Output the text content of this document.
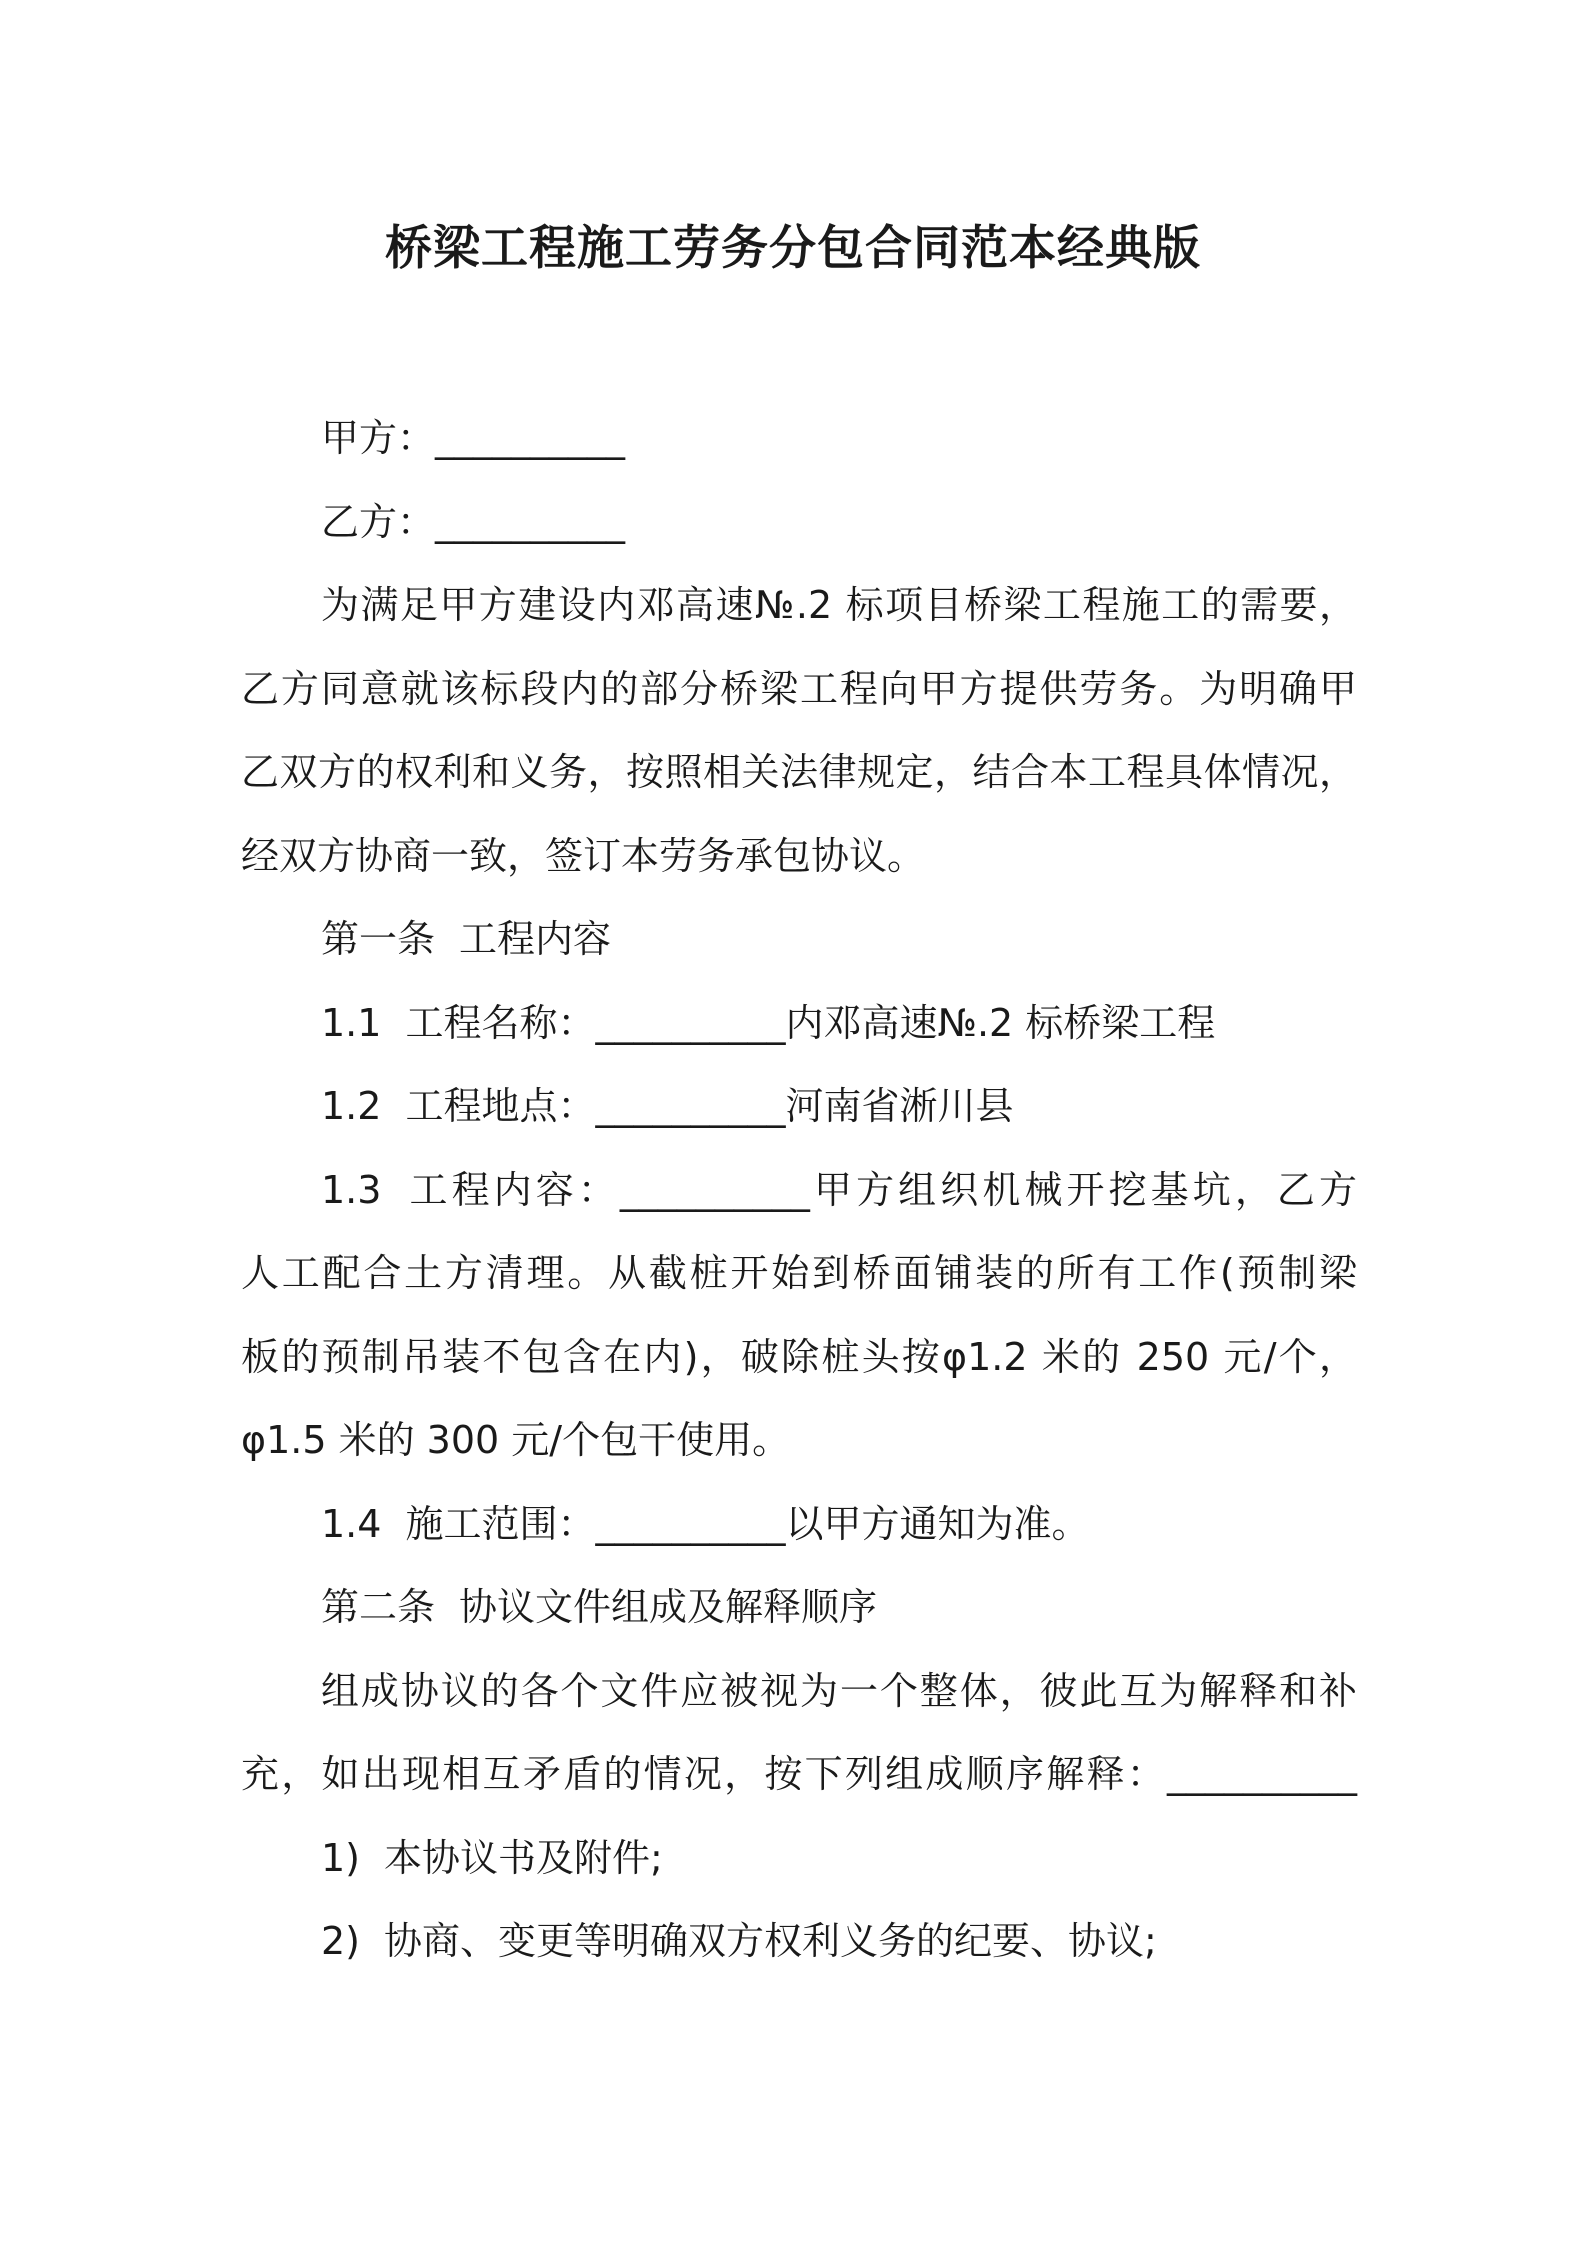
桥梁工程施工劳务分包合同范本经典版

甲方：__________

乙方：__________

为满足甲方建设内邓高速№.2 标项目桥梁工程施工的需要，

乙方同意就该标段内的部分桥梁工程向甲方提供劳务。为明确甲

乙双方的权利和义务，按照相关法律规定，结合本工程具体情况，

经双方协商一致，签订本劳务承包协议。

第一条 工程内容

1.1 工程名称：__________内邓高速№.2 标桥梁工程

1.2 工程地点：__________河南省淅川县

1.3 工程内容：__________甲方组织机械开挖基坑，乙方

人工配合土方清理。从截桩开始到桥面铺装的所有工作(预制梁

板的预制吊装不包含在内)，破除桩头按φ1.2 米的 250 元/个，

φ1.5 米的 300 元/个包干使用。

1.4 施工范围：__________以甲方通知为准。

第二条 协议文件组成及解释顺序

组成协议的各个文件应被视为一个整体，彼此互为解释和补

充，如出现相互矛盾的情况，按下列组成顺序解释：__________

1) 本协议书及附件;

2) 协商、变更等明确双方权利义务的纪要、协议;
